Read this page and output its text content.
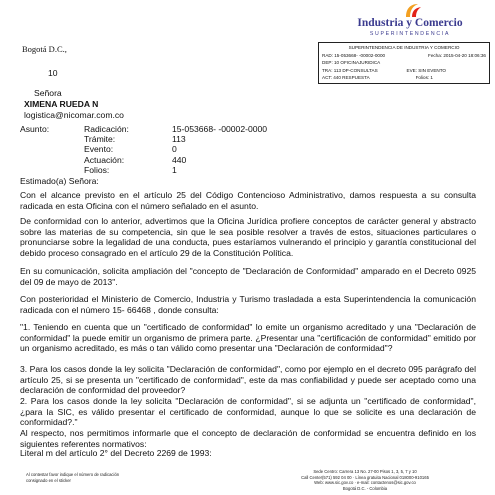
Industria y Comercio
SUPERINTENDENCIA
SUPERINTENDENCIA DE INDUSTRIA Y COMERCIO
RAD: 15-053668- -00002-0000	Fecha: 2015-04-20 18:06:36
DEP: 10 OFICINAJURIDICA
TRA: 113 DP-CONSULTAS	EVE: SIN EVENTO
ACT: 440 RESPUESTA	Folios: 1
Bogotá D.C.,
10
Señora
XIMENA RUEDA N
logistica@nicomar.com.co
Asunto:	Radicación:	15-053668- -00002-0000
	Trámite:	113
	Evento:	0
	Actuación:	440
	Folios:	1
Estimado(a) Señora:
Con el alcance previsto en el artículo 25 del Código Contencioso Administrativo, damos respuesta a su consulta radicada en esta Oficina con el número señalado en el asunto.
De conformidad con lo anterior, advertimos que la Oficina Jurídica profiere conceptos de carácter general y abstracto sobre las materias de su competencia, sin que le sea posible resolver a través de estos, situaciones particulares o pronunciarse sobre la legalidad de una conducta, pues estaríamos vulnerando el principio y garantía constitucional del debido proceso consagrado en el artículo 29 de la Constitución Política.
En su comunicación, solicita ampliación del "concepto de "Declaración de Conformidad" amparado en el Decreto 0925 del 09 de mayo de 2013".
Con posterioridad el Ministerio de Comercio, Industria y Turismo trasladada a esta Superintendencia la comunicación radicada con el número 15- 66468 , donde consulta:
"1. Teniendo en cuenta que un "certificado de conformidad" lo emite un organismo acreditado y una "Declaración de conformidad" la puede emitir un organismo de primera parte. ¿Presentar una "certificación de conformidad" emitido por un organismo acreditado, es más o tan válido como presentar una "Declaración de conformidad"?
3. Para los casos donde la ley solicita "Declaración de conformidad", como por ejemplo en el decreto 095 parágrafo del artículo 25, si se presenta un "certificado de conformidad", este da mas confiabilidad y puede ser aceptado como una declaración de conformidad del proveedor?
2. Para los casos donde la ley solicita "Declaración de conformidad", si se adjunta un "certificado de conformidad", ¿para la SIC, es válido presentar el certificado de conformidad, aunque lo que se solicite es una declaración de conformidad?."
Al respecto, nos permitimos informarle que el concepto de declaración de conformidad se encuentra definido en los siguientes referentes normativos:
Literal m del artículo 2° del Decreto 2269 de 1993:
Al contestar favor indique el número de radicación consignado en el sticker
Sede Centro: Carrera 13 No. 27-00 Pisos 1, 3, 5, 7 y 10
Call Center(571) 592 04 00 · Línea gratuita Nacional 018000-910165
Web: www.sic.gov.co · e-mail: contactenos@sic.gov.co
Bogotá D.C. - Colombia
